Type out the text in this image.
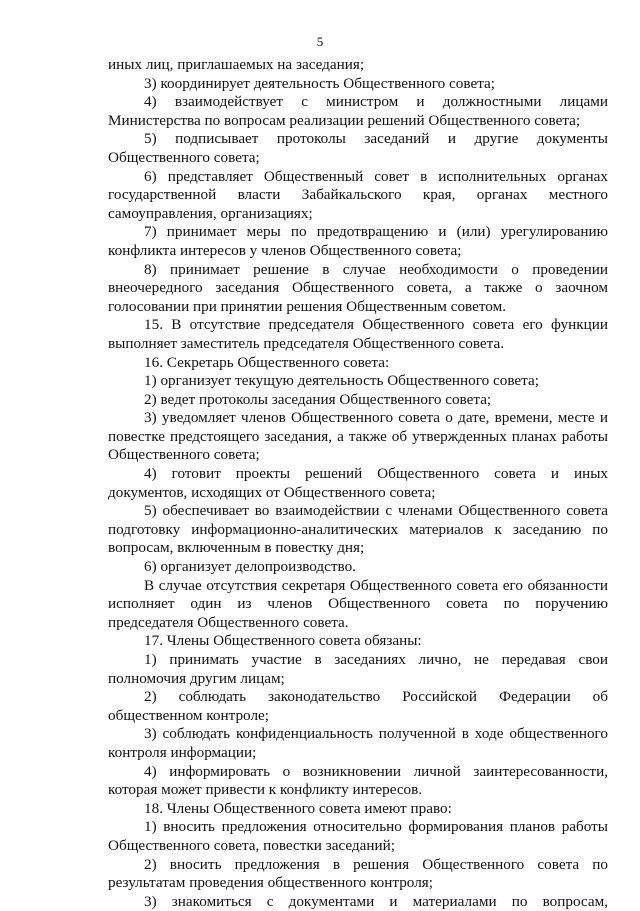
5

иных лиц, приглашаемых на заседания;

3) координирует деятельность Общественного совета;

4) взаимодействует с министром и должностными лицами Министерства по вопросам реализации решений Общественного совета;

5) подписывает протоколы заседаний и другие документы Общественного совета;

6) представляет Общественный совет в исполнительных органах государственной власти Забайкальского края, органах местного самоуправления, организациях;

7) принимает меры по предотвращению и (или) урегулированию конфликта интересов у членов Общественного совета;

8) принимает решение в случае необходимости о проведении внеочередного заседания Общественного совета, а также о заочном голосовании при принятии решения Общественным советом.

15. В отсутствие председателя Общественного совета его функции выполняет заместитель председателя Общественного совета.

16. Секретарь Общественного совета:

1) организует текущую деятельность Общественного совета;

2) ведет протоколы заседания Общественного совета;

3) уведомляет членов Общественного совета о дате, времени, месте и повестке предстоящего заседания, а также об утвержденных планах работы Общественного совета;

4) готовит проекты решений Общественного совета и иных документов, исходящих от Общественного совета;

5) обеспечивает во взаимодействии с членами Общественного совета подготовку информационно-аналитических материалов к заседанию по вопросам, включенным в повестку дня;

6) организует делопроизводство.

В случае отсутствия секретаря Общественного совета его обязанности исполняет один из членов Общественного совета по поручению председателя Общественного совета.

17. Члены Общественного совета обязаны:

1) принимать участие в заседаниях лично, не передавая свои полномочия другим лицам;

2) соблюдать законодательство Российской Федерации об общественном контроле;

3) соблюдать конфиденциальность полученной в ходе общественного контроля информации;

4) информировать о возникновении личной заинтересованности, которая может привести к конфликту интересов.

18. Члены Общественного совета имеют право:

1) вносить предложения относительно формирования планов работы Общественного совета, повестки заседаний;

2) вносить предложения в решения Общественного совета по результатам проведения общественного контроля;

3) знакомиться с документами и материалами по вопросам,
